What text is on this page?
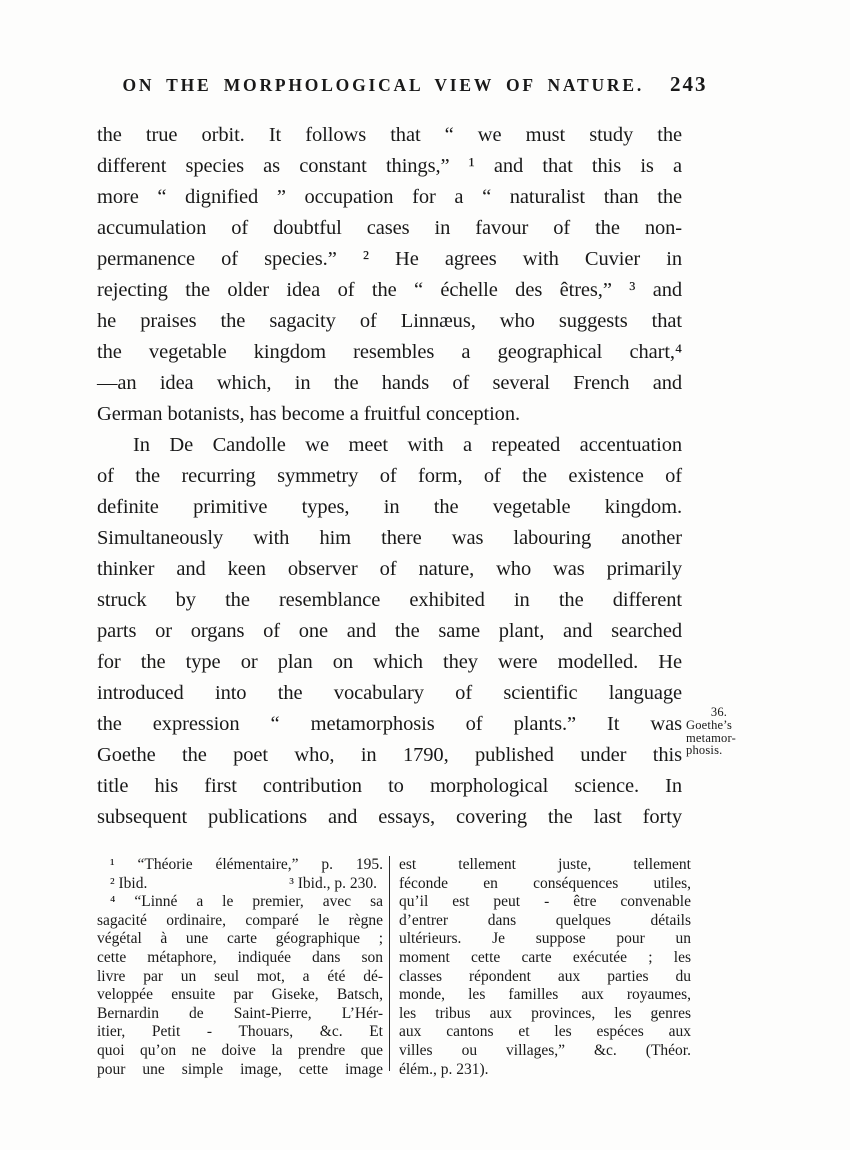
ON THE MORPHOLOGICAL VIEW OF NATURE. 243
the true orbit. It follows that “ we must study the
different species as constant things,” ¹ and that this is a
more “ dignified ” occupation for a “ naturalist than the
accumulation of doubtful cases in favour of the non-
permanence of species.” ² He agrees with Cuvier in
rejecting the older idea of the “ échelle des êtres,” ³ and
he praises the sagacity of Linnæus, who suggests that
the vegetable kingdom resembles a geographical chart,⁴
—an idea which, in the hands of several French and
German botanists, has become a fruitful conception.
In De Candolle we meet with a repeated accentuation
of the recurring symmetry of form, of the existence of
definite primitive types, in the vegetable kingdom.
Simultaneously with him there was labouring another
thinker and keen observer of nature, who was primarily
struck by the resemblance exhibited in the different
parts or organs of one and the same plant, and searched
for the type or plan on which they were modelled. He
introduced into the vocabulary of scientific language
the expression “ metamorphosis of plants.” It was
Goethe the poet who, in 1790, published under this
title his first contribution to morphological science. In
subsequent publications and essays, covering the last forty
36.
Goethe’s
metamor-
phosis.
¹ “Théorie élémentaire,” p. 195.
² Ibid.	³ Ibid., p. 230.
⁴ “Linné a le premier, avec sa
sagacité ordinaire, comparé le règne
végétal à une carte géographique ;
cette métaphore, indiquée dans son
livre par un seul mot, a été dé-
veloppée ensuite par Giseke, Batsch,
Bernardin de Saint-Pierre, L’Hér-
itier, Petit - Thouars, &c. Et
quoi qu’on ne doive la prendre que
pour une simple image, cette image
est tellement juste, tellement
féconde en conséquences utiles,
qu’il est peut - être convenable
d’entrer dans quelques détails
ultérieurs. Je suppose pour un
moment cette carte exécutée ; les
classes répondent aux parties du
monde, les familles aux royaumes,
les tribus aux provinces, les genres
aux cantons et les espéces aux
villes ou villages,” &c. (Théor.
élém., p. 231).
